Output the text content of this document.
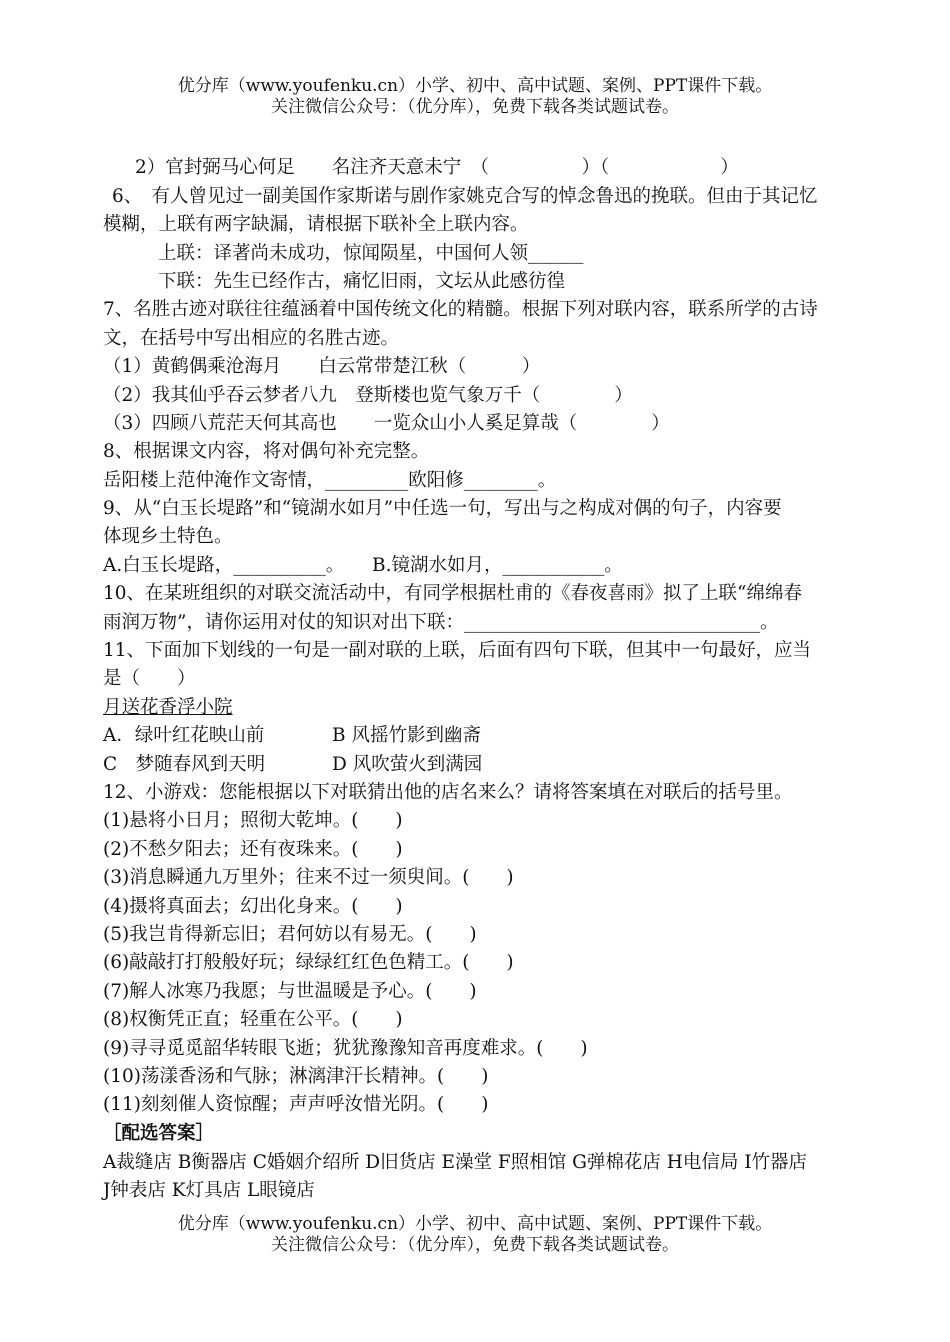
优分库（www.youfenku.cn）小学、初中、高中试题、案例、PPT课件下载。
关注微信公众号：（优分库），免费下载各类试题试卷。
2）官封弼马心何足　　名注齐天意未宁　（　　　　　）（　　　　　　）
6、　有人曾见过一副美国作家斯诺与剧作家姚克合写的悼念鲁迅的挽联。但由于其记忆
模糊，上联有两字缺漏，请根据下联补全上联内容。
上联：译著尚未成功，惊闻陨星，中国何人领______
下联：先生已经作古，痛忆旧雨，文坛从此感彷徨
7、名胜古迹对联往往蕴涵着中国传统文化的精髓。根据下列对联内容，联系所学的古诗
文，在括号中写出相应的名胜古迹。
（1）黄鹤偶乘沧海月　　白云常带楚江秋（　　　）
（2）我其仙乎吞云梦者八九　登斯楼也览气象万千（　　　　）
（3）四顾八荒茫天何其高也　　一览众山小人奚足算哉（　　　　）
8、根据课文内容，将对偶句补充完整。
岳阳楼上范仲淹作文寄情，_________欧阳修________。
9、从“白玉长堤路”和“镜湖水如月”中任选一句，写出与之构成对偶的句子，内容要
体现乡土特色。
A.白玉长堤路，__________。　　B.镜湖水如月，___________。
10、在某班组织的对联交流活动中，有同学根据杜甫的《春夜喜雨》拟了上联“绵绵春
雨润万物”，请你运用对仗的知识对出下联：________________________________。
11、下面加下划线的一句是一副对联的上联，后面有四句下联，但其中一句最好，应当
是（　　）
月送花香浮小院
A．绿叶红花映山前	B 风摇竹影到幽斋
C　梦随春风到天明	D 风吹萤火到满园
12、小游戏：您能根据以下对联猜出他的店名来么？请将答案填在对联后的括号里。
(1)悬将小日月；照彻大乾坤。(　　)
(2)不愁夕阳去；还有夜珠来。(　　)
(3)消息瞬通九万里外；往来不过一须臾间。(　　)
(4)摄将真面去；幻出化身来。(　　)
(5)我岂肯得新忘旧；君何妨以有易无。(　　)
(6)敲敲打打般般好玩；绿绿红红色色精工。(　　)
(7)解人冰寒乃我愿；与世温暖是予心。(　　)
(8)权衡凭正直；轻重在公平。(　　)
(9)寻寻觅觅韶华转眼飞逝；犹犹豫豫知音再度难求。(　　)
(10)荡漾香汤和气脉；淋漓津汗长精神。(　　)
(11)刻刻催人资惊醒；声声呼汝惜光阴。(　　)
［配选答案］
A裁缝店 B衡器店 C婚姻介绍所 D旧货店 E澡堂 F照相馆 G弹棉花店 H电信局 I竹器店
J钟表店 K灯具店 L眼镜店
优分库（www.youfenku.cn）小学、初中、高中试题、案例、PPT课件下载。
关注微信公众号：（优分库），免费下载各类试题试卷。
